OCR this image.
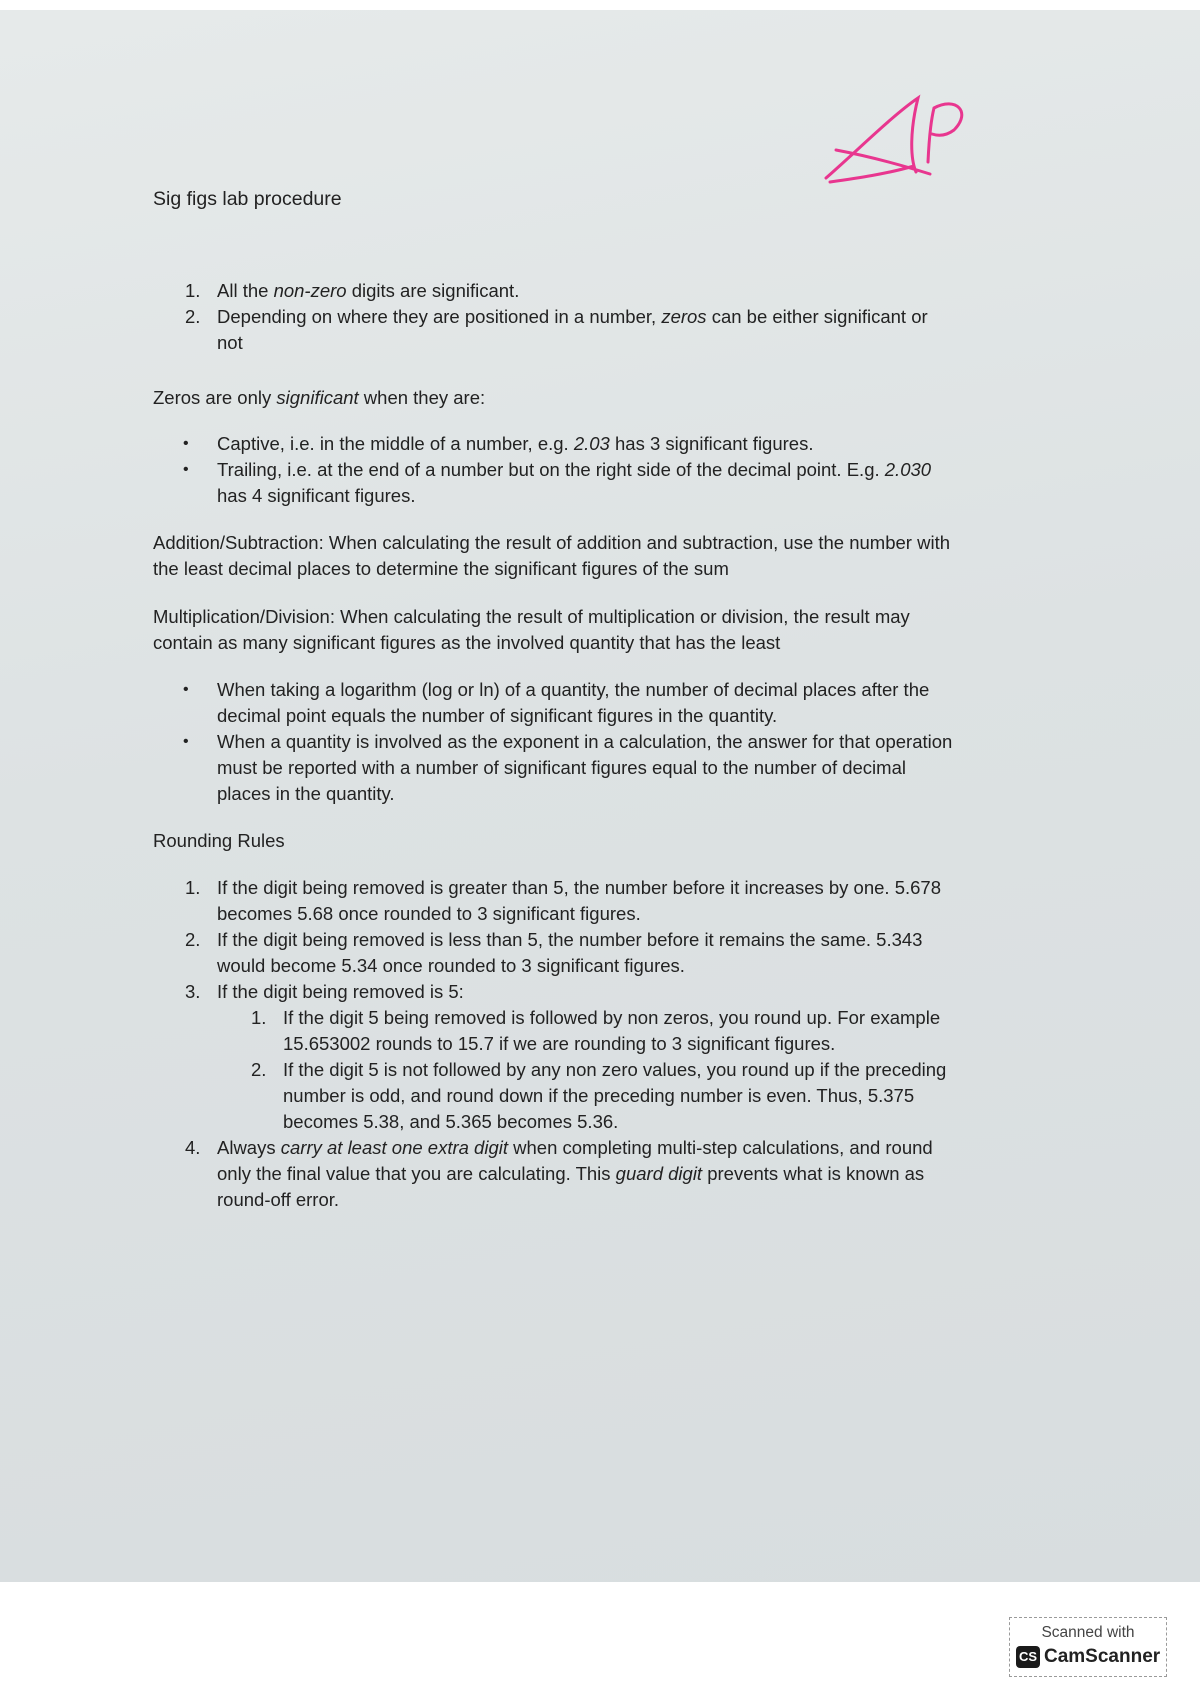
Sig figs lab procedure
1. All the non-zero digits are significant.
2. Depending on where they are positioned in a number, zeros can be either significant or not

Zeros are only significant when they are:

• Captive, i.e. in the middle of a number, e.g. 2.03 has 3 significant figures.
• Trailing, i.e. at the end of a number but on the right side of the decimal point. E.g. 2.030 has 4 significant figures.

Addition/Subtraction: When calculating the result of addition and subtraction, use the number with the least decimal places to determine the significant figures of the sum

Multiplication/Division: When calculating the result of multiplication or division, the result may contain as many significant figures as the involved quantity that has the least

• When taking a logarithm (log or ln) of a quantity, the number of decimal places after the decimal point equals the number of significant figures in the quantity.
• When a quantity is involved as the exponent in a calculation, the answer for that operation must be reported with a number of significant figures equal to the number of decimal places in the quantity.

Rounding Rules

1. If the digit being removed is greater than 5, the number before it increases by one. 5.678 becomes 5.68 once rounded to 3 significant figures.
2. If the digit being removed is less than 5, the number before it remains the same. 5.343 would become 5.34 once rounded to 3 significant figures.
3. If the digit being removed is 5:
1. If the digit 5 being removed is followed by non zeros, you round up. For example 15.653002 rounds to 15.7 if we are rounding to 3 significant figures.
2. If the digit 5 is not followed by any non zero values, you round up if the preceding number is odd, and round down if the preceding number is even. Thus, 5.375 becomes 5.38, and 5.365 becomes 5.36.
4. Always carry at least one extra digit when completing multi-step calculations, and round only the final value that you are calculating. This guard digit prevents what is known as round-off error.
Scanned with
CS CamScanner
